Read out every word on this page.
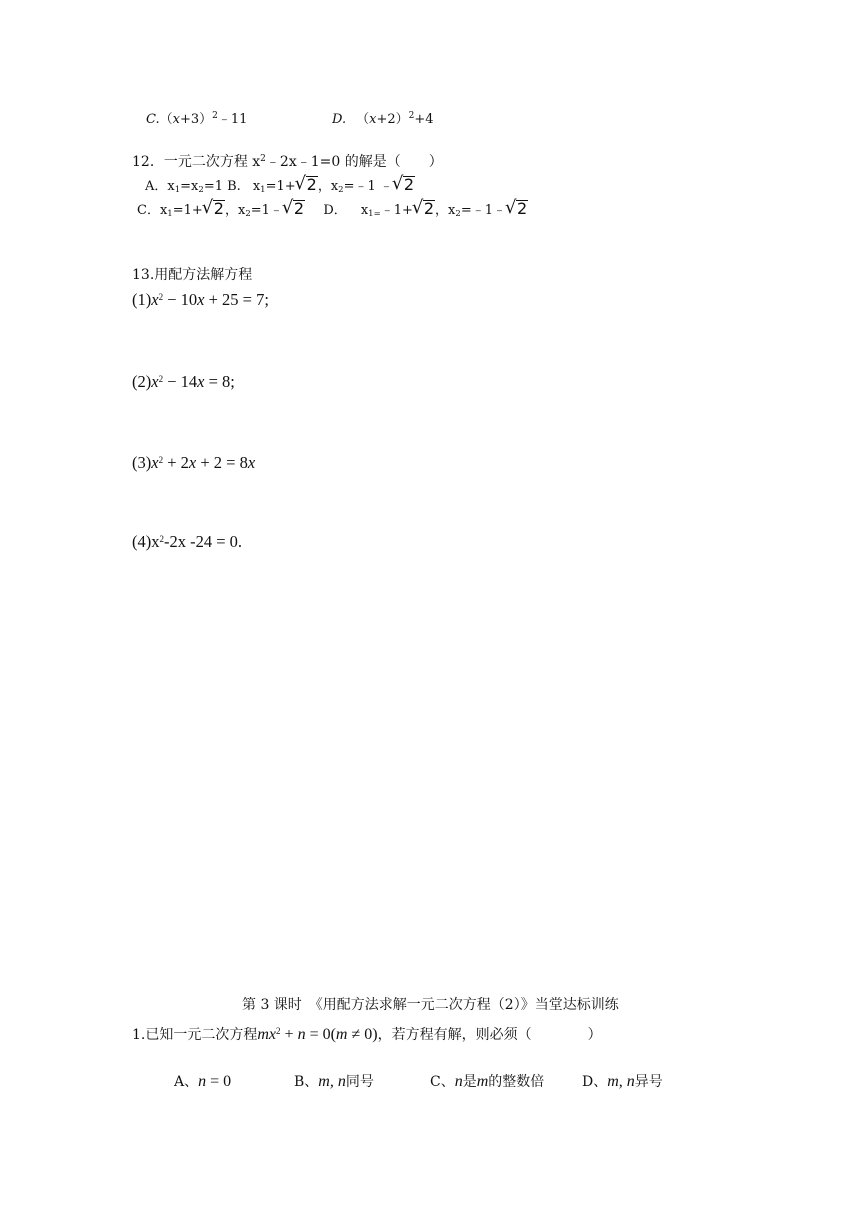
$C.(x+3)^2﹣11$	D. $(x+2)^2+4$
12．一元二次方程 $x^2﹣2x﹣1=0$ 的解是（　　）
A．$x_1=x_2=1$ B. $x_1=1+√$ 2，$x_2=﹣1$ ﹣√ 2
C．$x_1=1+√$ 2，$x_2=1﹣√$ 2 D． $x_{1=}﹣1+√$ 2，$x_2=﹣1﹣√$ 2
13.用配方法解方程
$(1)x^2 - 10x + 25 = 7$;
$(2)x^2 - 14x = 8$;
$(3)x^2 + 2x + 2 = 8x$
$(4)x^2-2x$ -24 = 0.
第 3 课时　《用配方法求解一元二次方程（2）》当堂达标训练
1.已知一元二次方程$mx^2 + n = 0(m \ne 0)$，若方程有解，则必须（　　　　）
A、n = 0	B、m, n同号	C、n是m的整数倍	D、m, n异号
